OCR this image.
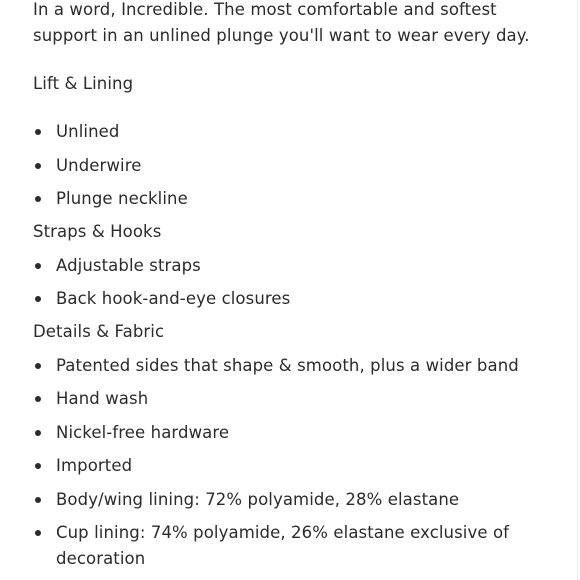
In a word, Incredible. The most comfortable and softest support in an unlined plunge you'll want to wear every day.

Lift & Lining

Unlined
Underwire
Plunge neckline

Straps & Hooks

Adjustable straps
Back hook-and-eye closures

Details & Fabric

Patented sides that shape & smooth, plus a wider band
Hand wash
Nickel-free hardware
Imported
Body/wing lining: 72% polyamide, 28% elastane
Cup lining: 74% polyamide, 26% elastane exclusive of decoration
